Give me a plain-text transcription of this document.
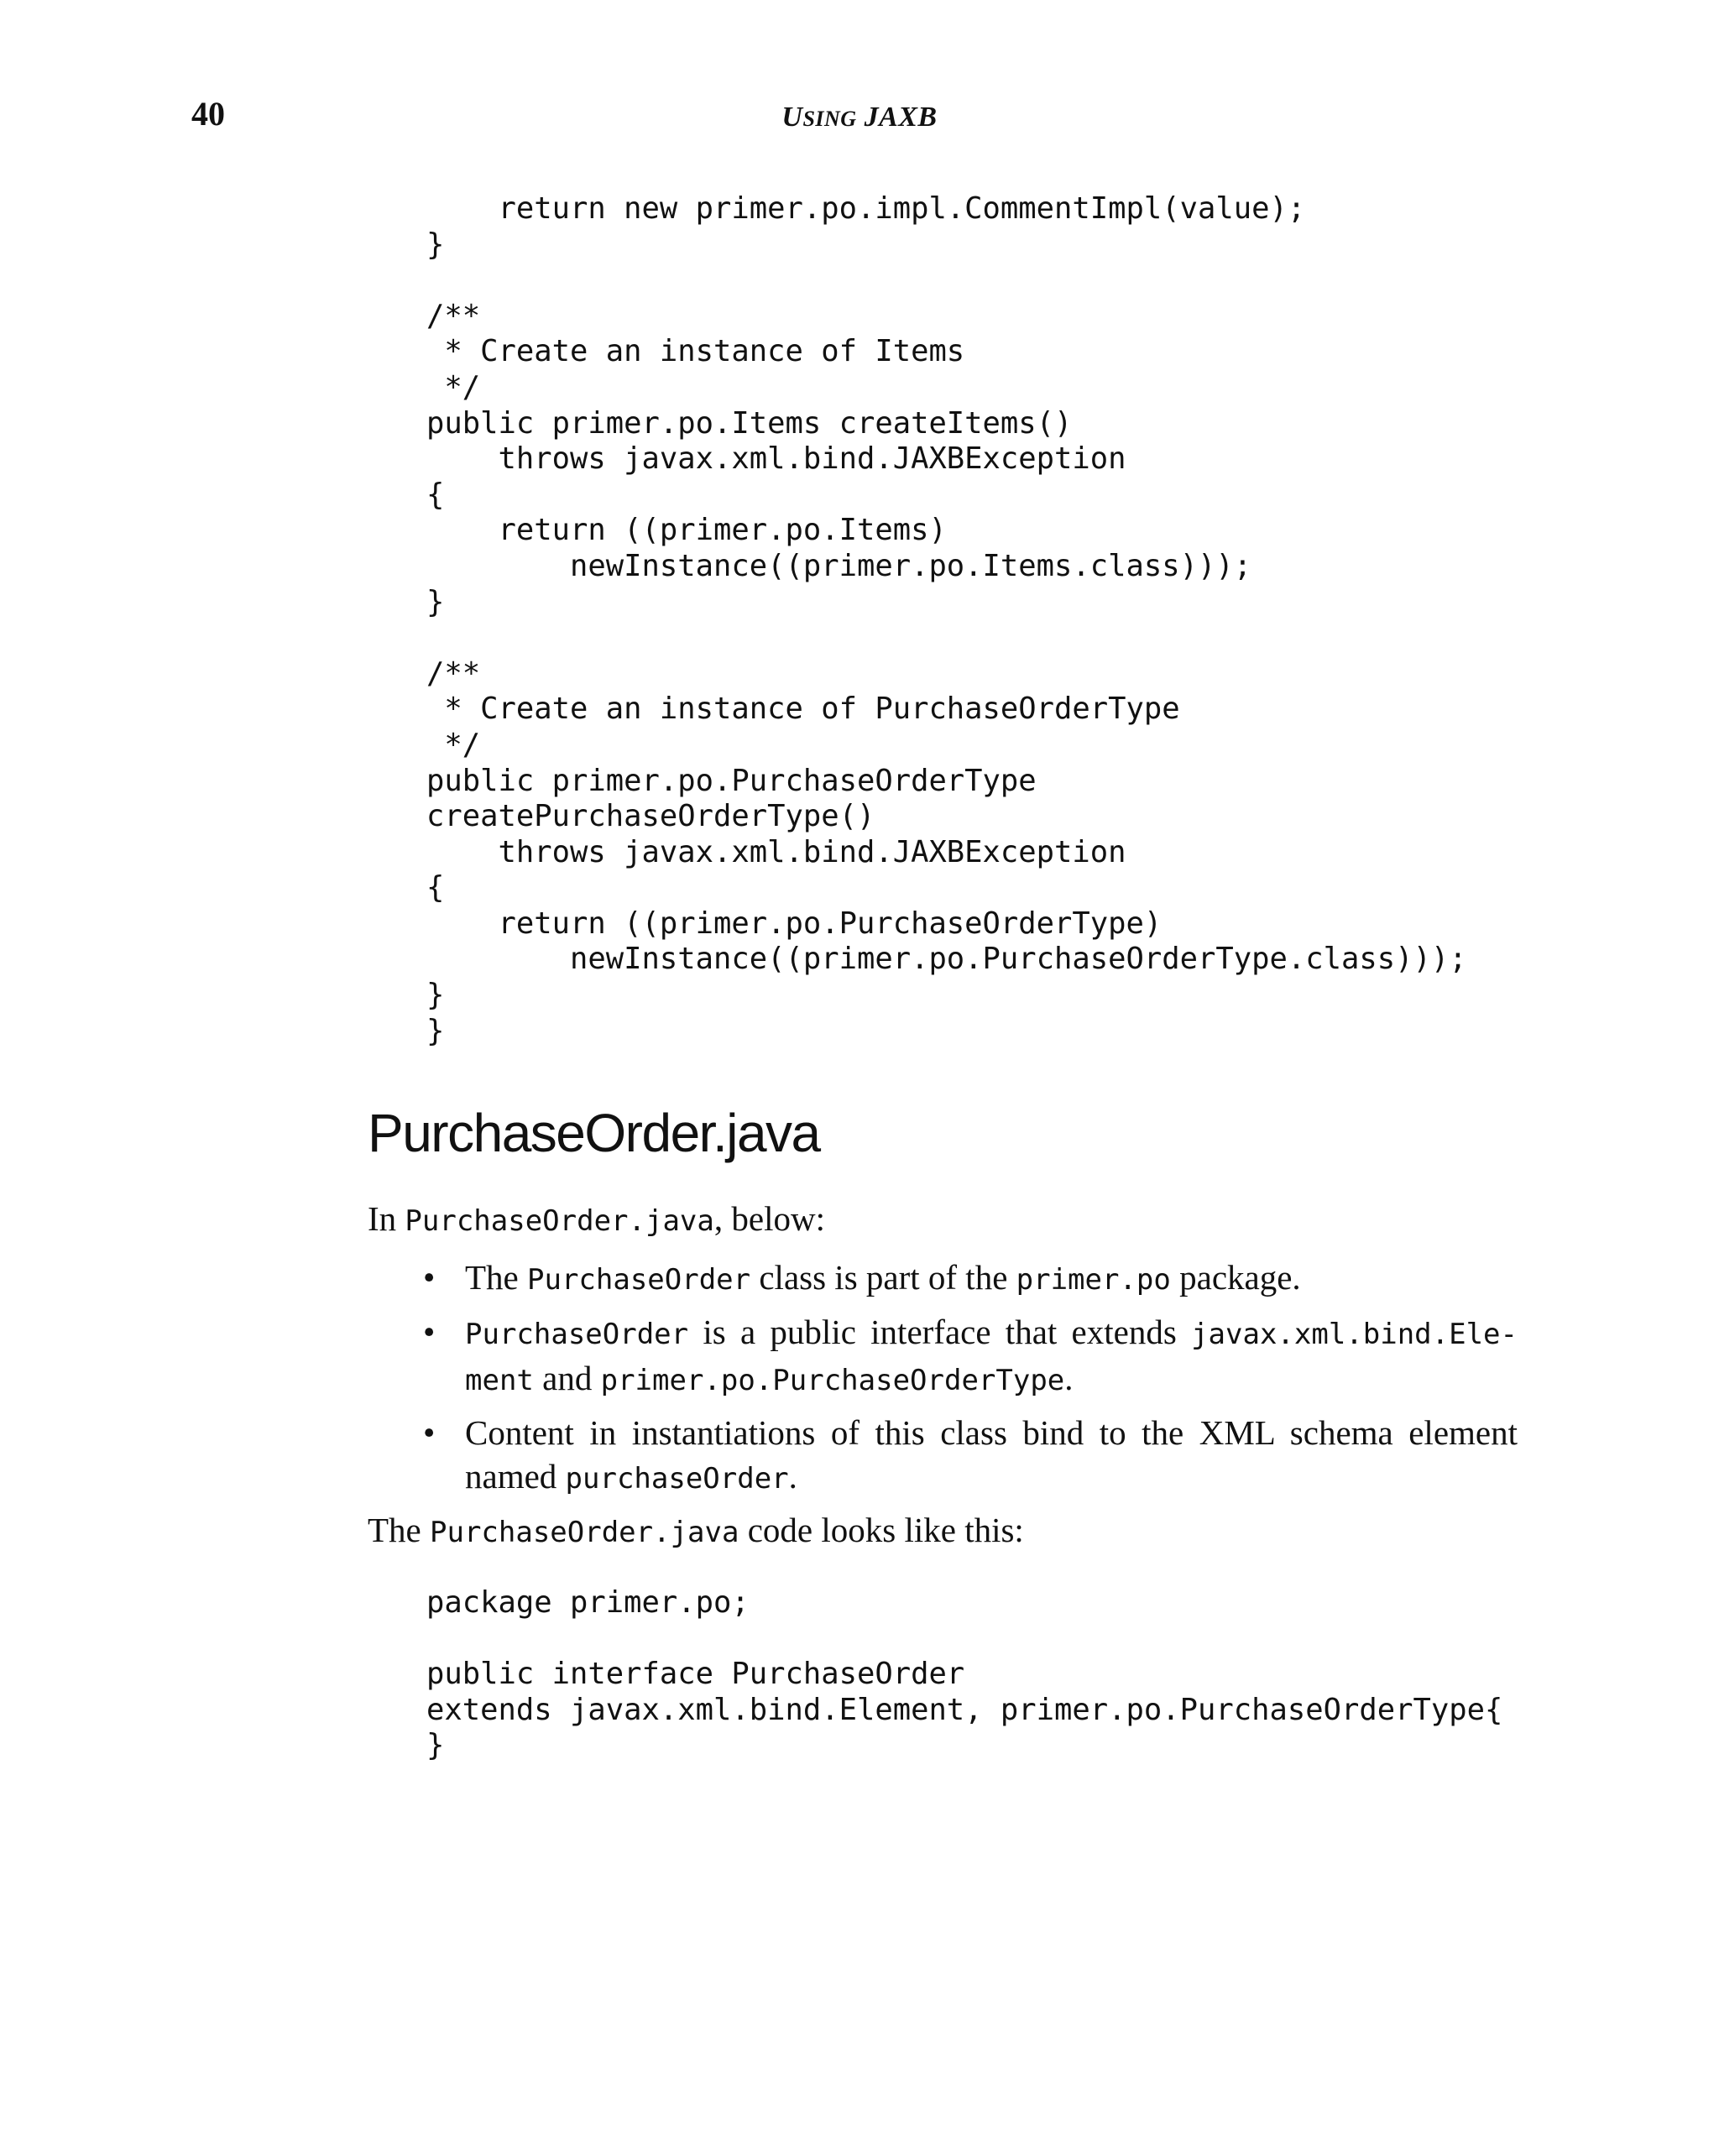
40	USING JAXB
return new primer.po.impl.CommentImpl(value);
}

/**
* Create an instance of Items
*/
public primer.po.Items createItems()
throws javax.xml.bind.JAXBException
{
return ((primer.po.Items)
newInstance((primer.po.Items.class)));
}

/**
* Create an instance of PurchaseOrderType
*/
public primer.po.PurchaseOrderType
createPurchaseOrderType()
throws javax.xml.bind.JAXBException
{
return ((primer.po.PurchaseOrderType)
newInstance((primer.po.PurchaseOrderType.class)));
}
}
PurchaseOrder.java

In PurchaseOrder.java, below:

• The PurchaseOrder class is part of the primer.po package.
• PurchaseOrder is a public interface that extends javax.xml.bind.Ele-ment and primer.po.PurchaseOrderType.
• Content in instantiations of this class bind to the XML schema element named purchaseOrder.

The PurchaseOrder.java code looks like this:

package primer.po;

public interface PurchaseOrder
extends javax.xml.bind.Element, primer.po.PurchaseOrderType{
}
